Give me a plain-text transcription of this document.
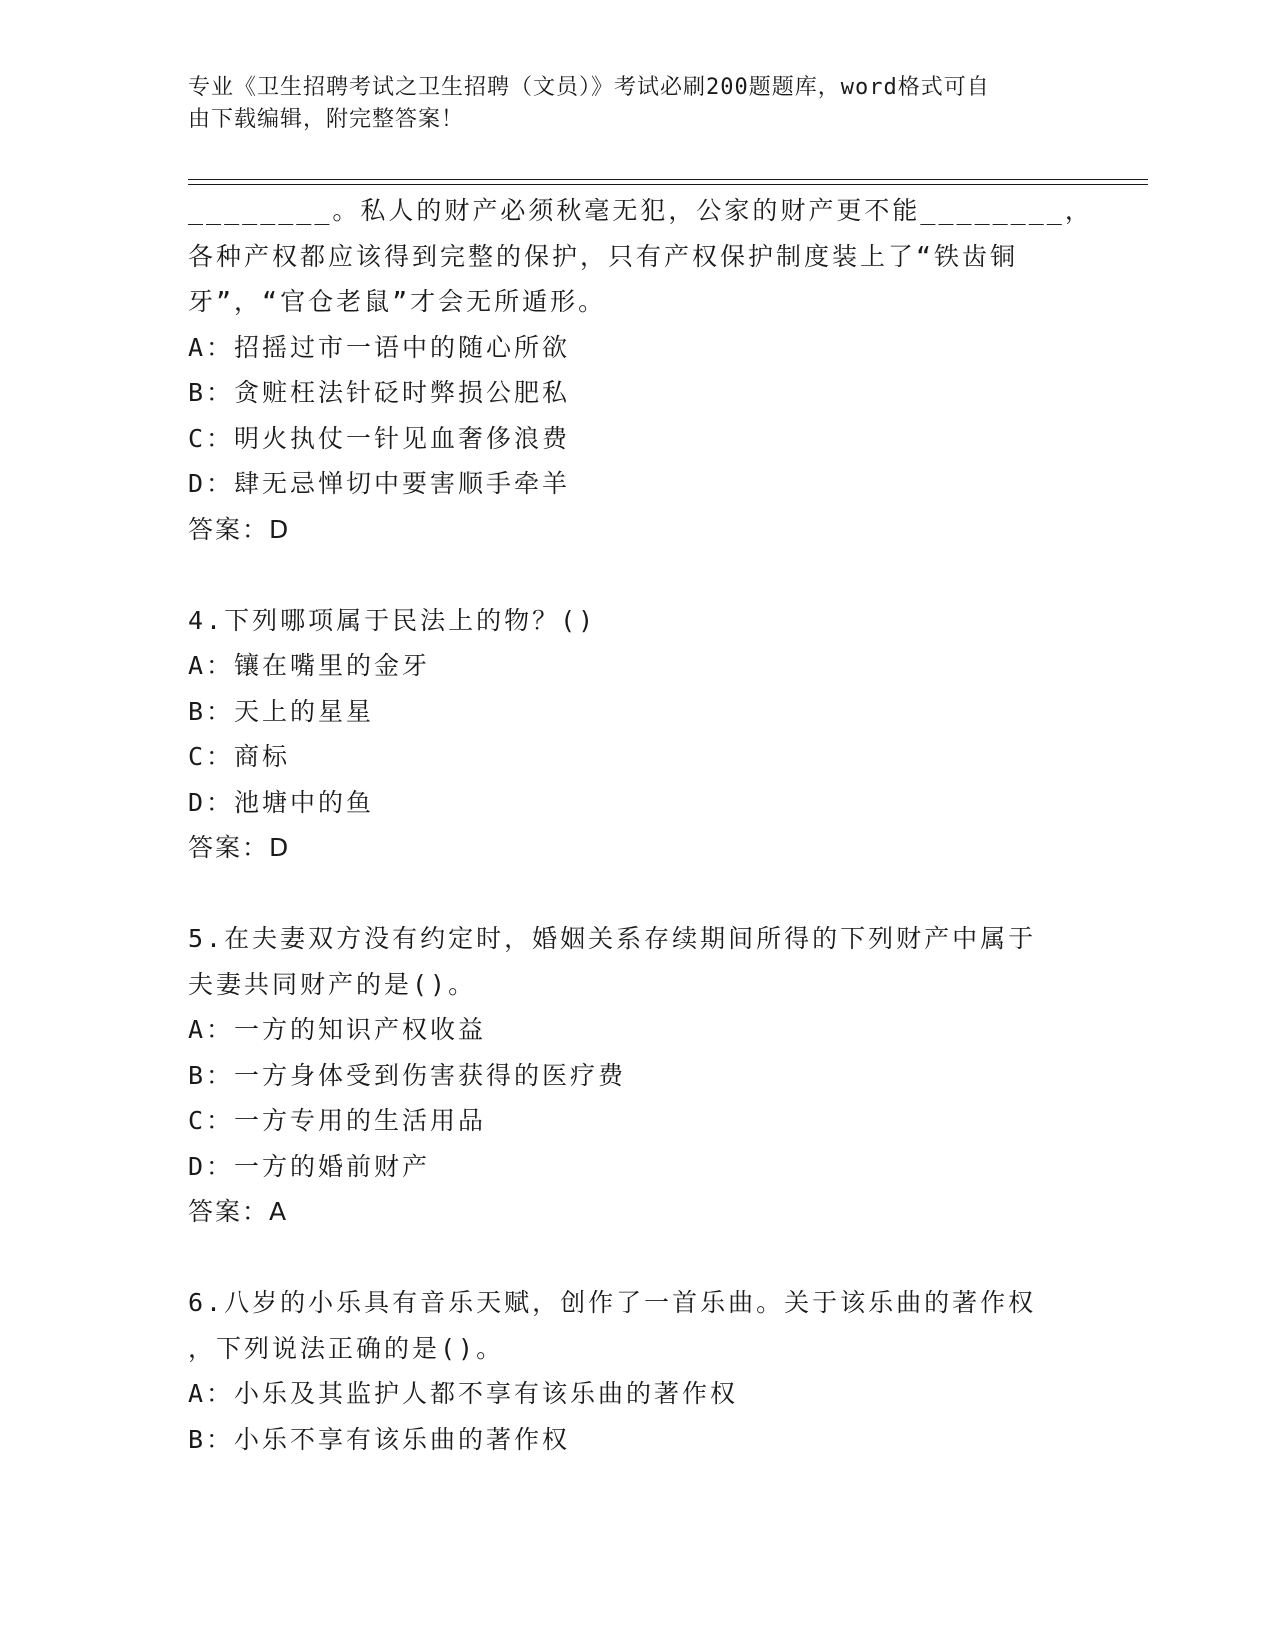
专业《卫生招聘考试之卫生招聘（文员）》考试必刷200题题库，word格式可自
由下载编辑，附完整答案！
________。私人的财产必须秋毫无犯，公家的财产更不能________，
各种产权都应该得到完整的保护，只有产权保护制度装上了“铁齿铜
牙”，“官仓老鼠”才会无所遁形。
A：招摇过市一语中的随心所欲
B：贪赃枉法针砭时弊损公肥私
C：明火执仗一针见血奢侈浪费
D：肆无忌惮切中要害顺手牵羊
答案：D
4.下列哪项属于民法上的物？()
A：镶在嘴里的金牙
B：天上的星星
C：商标
D：池塘中的鱼
答案：D
5.在夫妻双方没有约定时，婚姻关系存续期间所得的下列财产中属于
夫妻共同财产的是()。
A：一方的知识产权收益
B：一方身体受到伤害获得的医疗费
C：一方专用的生活用品
D：一方的婚前财产
答案：A
6.八岁的小乐具有音乐天赋，创作了一首乐曲。关于该乐曲的著作权
，下列说法正确的是()。
A：小乐及其监护人都不享有该乐曲的著作权
B：小乐不享有该乐曲的著作权
